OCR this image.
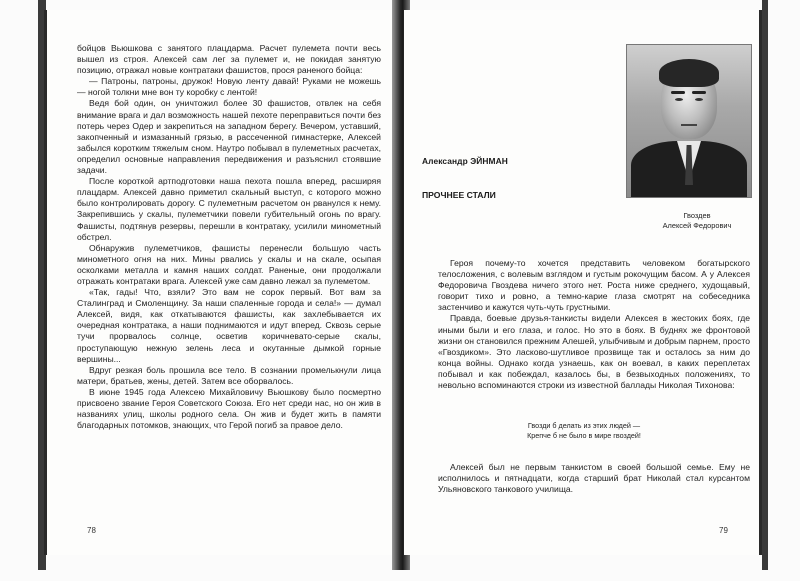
бойцов Вьюшкова с занятого плацдарма. Расчет пулемета почти весь вышел из строя. Алексей сам лег за пулемет и, не покидая занятую позицию, отражал новые контратаки фашистов, прося раненого бойца:

— Патроны, патроны, дружок! Новую ленту давай! Руками не можешь — ногой толкни мне вон ту коробку с лентой!

Ведя бой один, он уничтожил более 30 фашистов, отвлек на себя внимание врага и дал возможность нашей пехоте переправиться почти без потерь через Одер и закрепиться на западном берегу. Вечером, уставший, закопченный и измазанный грязью, в рассеченной гимнастерке, Алексей забылся коротким тяжелым сном. Наутро побывал в пулеметных расчетах, определил основные направления передвижения и разъяснил стоявшие задачи.

После короткой артподготовки наша пехота пошла вперед, расширяя плацдарм. Алексей давно приметил скальный выступ, с которого можно было контролировать дорогу. С пулеметным расчетом он рванулся к нему. Закрепившись у скалы, пулеметчики повели губительный огонь по врагу. Фашисты, подтянув резервы, перешли в контратаку, усилили минометный обстрел.

Обнаружив пулеметчиков, фашисты перенесли большую часть минометного огня на них. Мины рвались у скалы и на скале, осыпая осколками металла и камня наших солдат. Раненые, они продолжали отражать контратаки врага. Алексей уже сам давно лежал за пулеметом.

«Так, гады! Что, взяли? Это вам не сорок первый. Вот вам за Сталинград и Смоленщину. За наши спаленные города и села!» — думал Алексей, видя, как откатываются фашисты, как захлебывается их очередная контратака, а наши поднимаются и идут вперед. Сквозь серые тучи прорвалось солнце, осветив коричневато-серые скалы, проступающую нежную зелень леса и окутанные дымкой горные вершины...

Вдруг резкая боль прошила все тело. В сознании промелькнули лица матери, братьев, жены, детей. Затем все оборвалось.

В июне 1945 года Алексею Михайловичу Вьюшкову было посмертно присвоено звание Героя Советского Союза. Его нет среди нас, но он жив в названиях улиц, школы родного села. Он жив и будет жить в памяти благодарных потомков, знающих, что Герой погиб за правое дело.

78
Гвоздев
Алексей Федорович
Александр ЭЙНМАН
ПРОЧНЕЕ СТАЛИ

Героя почему-то хочется представить человеком богатырского телосложения, с волевым взглядом и густым рокочущим басом. А у Алексея Федоровича Гвоздева ничего этого нет. Роста ниже среднего, худощавый, говорит тихо и ровно, а темно-карие глаза смотрят на собеседника застенчиво и кажутся чуть-чуть грустными.

Правда, боевые друзья-танкисты видели Алексея в жестоких боях, где иными были и его глаза, и голос. Но это в боях. В буднях же фронтовой жизни он становился прежним Алешей, улыбчивым и добрым парнем, просто «Гвоздиком». Это ласково-шутливое прозвище так и осталось за ним до конца войны. Однако когда узнаешь, как он воевал, в каких переплетах побывал и как побеждал, казалось бы, в безвыходных положениях, то невольно вспоминаются строки из известной баллады Николая Тихонова:

Гвозди б делать из этих людей —
Крепче б не было в мире гвоздей!

Алексей был не первым танкистом в своей большой семье. Ему не исполнилось и пятнадцати, когда старший брат Николай стал курсантом Ульяновского танкового училища.

79
